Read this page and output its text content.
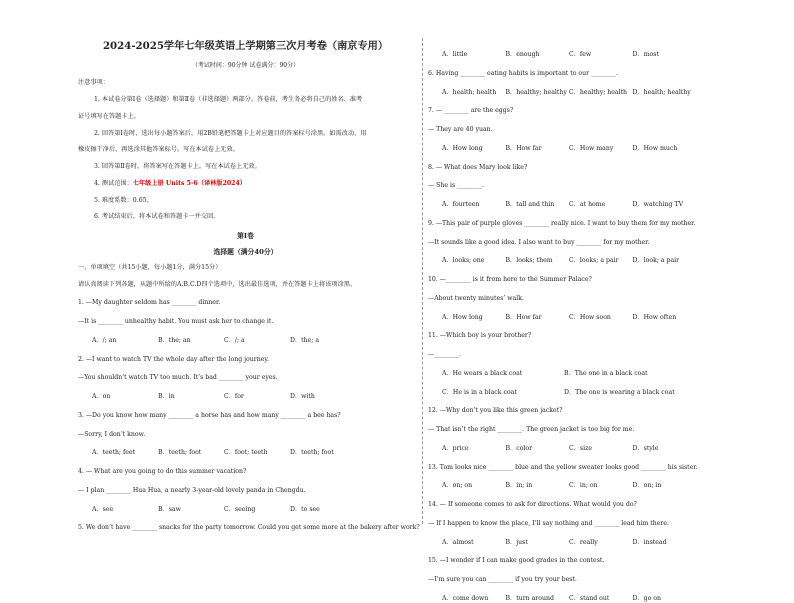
2024-2025学年七年级英语上学期第三次月考卷（南京专用）
（考试时间：90分钟 试卷满分：90分）
注意事项：
1. 本试卷分第Ⅰ卷（选择题）和第Ⅱ卷（非选择题）两部分。答卷前，考生务必将自己的姓名、准考
证号填写在答题卡上。
2. 回答第Ⅰ卷时，选出每小题答案后，用2B铅笔把答题卡上对应题目的答案标号涂黑。如需改动，用
橡皮擦干净后，再选涂其他答案标号。写在本试卷上无效。
3. 回答第Ⅱ卷时，将答案写在答题卡上。写在本试卷上无效。
4. 测试范围：七年级上册 Units 5-6（译林版2024）
5. 难度系数：0.65。
6. 考试结束后，将本试卷和答题卡一并交回。
第Ⅰ卷
选择题（满分40分）
一、单项填空（共15小题，每小题1分，满分15分）
请认真阅读下列各题，从题中所给的A.B.C.D四个选项中，选出最佳选项，并在答题卡上将该项涂黑。
1. —My daughter seldom has ________ dinner.
—It is ________ unhealthy habit. You must ask her to change it.
A．/; an	B．the; an	C．/; a	D．the; a
2. —I want to watch TV the whole day after the long journey.
—You shouldn’t watch TV too much. It’s bad ________ your eyes.
A．on	B．in	C．for	D．with
3. —Do you know how many ________ a horse has and how many ________ a bee has?
—Sorry, I don’t know.
A．teeth; feet	B．teeth; foot	C．foot; teeth	D．teeth; foot
4. — What are you going to do this summer vacation?
— I plan ________ Hua Hua, a nearly 3-year-old lovely panda in Chengdu.
A．see	B．saw	C．seeing	D．to see
5. We don’t have ________ snacks for the party tomorrow. Could you get some more at the bakery after work?
A．little	B．enough	C．few	D．most
6. Having ________ eating habits is important to our ________.
A．health; health	B．healthy; healthy C．healthy; health D．health; healthy
7. — ________ are the eggs?
— They are 40 yuan.
A．How long	B．How far	C．How many	D．How much
8. — What does Mary look like?
— She is ________.
A．fourteen	B．tall and thin	C．at home	D．watching TV
9. —This pair of purple gloves ________ really nice. I want to buy them for my mother.
—It sounds like a good idea. I also want to buy ________ for my mother.
A．looks; one	B．looks; them	C．looks; a pair	D．look; a pair
10. —________ is it from here to the Summer Palace?
—About twenty minutes’ walk.
A．How long	B．How far	C．How soon	D．How often
11. —Which boy is your brother?
—________.
A．He wears a black coat	B．The one in a black coat
C．He is in a black coat	D．The one is wearing a black coat
12. —Why don’t you like this green jacket?
— That isn’t the right ________. The green jacket is too big for me.
A．price	B．color	C．size	D．style
13. Tom looks nice ________ blue and the yellow sweater looks good ________ his sister.
A．on; on	B．in; in	C．in; on	D．on; in
14. — If someone comes to ask for directions. What would you do?
— If I happen to know the place, I’ll say nothing and ________ lead him there.
A．almost	B．just	C．really	D．instead
15. —I wonder if I can make good grades in the contest.
—I’m sure you can ________ if you try your best.
A．come down	B．turn around	C．stand out	D．go on
